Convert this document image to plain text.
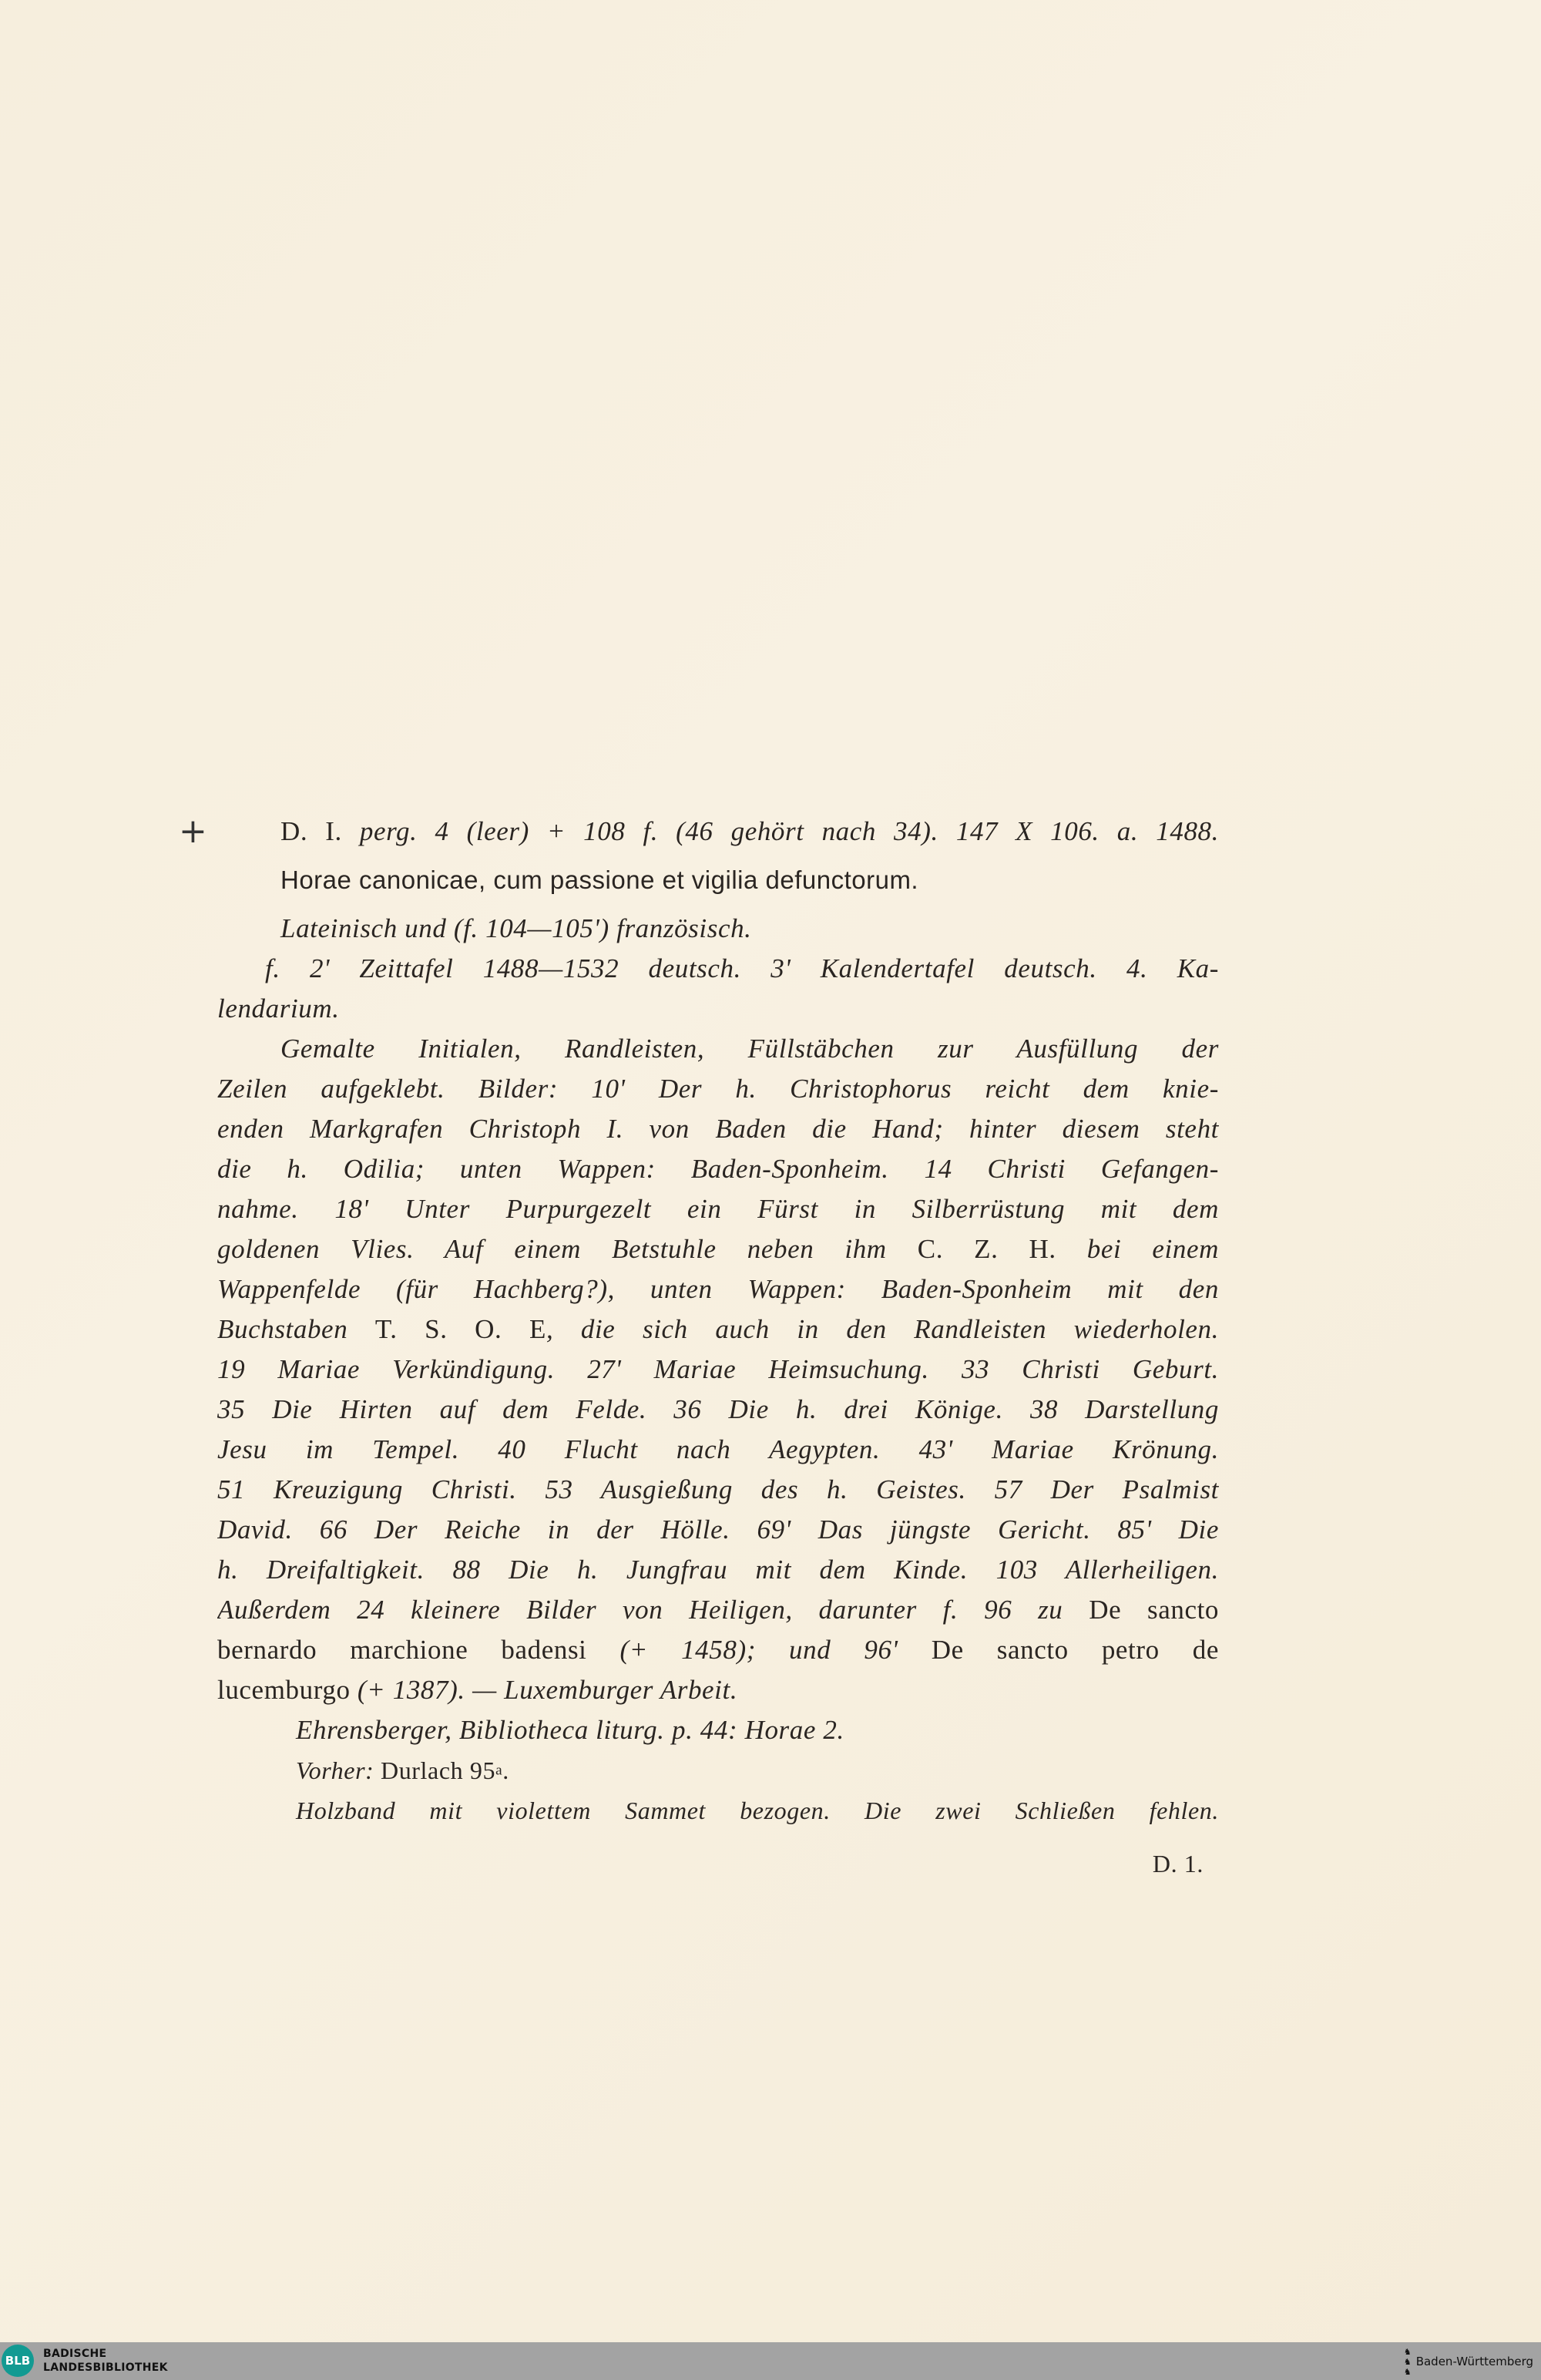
+	D. I. perg. 4 (leer) + 108 f. (46 gehört nach 34). 147 X 106. a. 1488.
Horae canonicae, cum passione et vigilia defunctorum.
Lateinisch und (f. 104—105') französisch.
f. 2' Zeittafel 1488—1532 deutsch. 3' Kalendertafel deutsch. 4. Ka-
lendarium.
Gemalte Initialen, Randleisten, Füllstäbchen zur Ausfüllung der
Zeilen aufgeklebt. Bilder: 10' Der h. Christophorus reicht dem knie-
enden Markgrafen Christoph I. von Baden die Hand; hinter diesem steht
die h. Odilia; unten Wappen: Baden-Sponheim. 14 Christi Gefangen-
nahme. 18' Unter Purpurgezelt ein Fürst in Silberrüstung mit dem
goldenen Vlies. Auf einem Betstuhle neben ihm C. Z. H. bei einem
Wappenfelde (für Hachberg?), unten Wappen: Baden-Sponheim mit den
Buchstaben T. S. O. E, die sich auch in den Randleisten wiederholen.
19 Mariae Verkündigung. 27' Mariae Heimsuchung. 33 Christi Geburt.
35 Die Hirten auf dem Felde. 36 Die h. drei Könige. 38 Darstellung
Jesu im Tempel. 40 Flucht nach Aegypten. 43' Mariae Krönung.
51 Kreuzigung Christi. 53 Ausgießung des h. Geistes. 57 Der Psalmist
David. 66 Der Reiche in der Hölle. 69' Das jüngste Gericht. 85' Die
h. Dreifaltigkeit. 88 Die h. Jungfrau mit dem Kinde. 103 Allerheiligen.
Außerdem 24 kleinere Bilder von Heiligen, darunter f. 96 zu De sancto
bernardo marchione badensi (+ 1458); und 96' De sancto petro de
lucemburgo (+ 1387). — Luxemburger Arbeit.
Ehrensberger, Bibliotheca liturg. p. 44: Horae 2.
Vorher: Durlach 95$^a$.
Holzband mit violettem Sammet bezogen. Die zwei Schließen fehlen.
D. 1.
BLB	BADISCHE
LANDESBIBLIOTHEK
♞
♞
♞
Baden-Württemberg
